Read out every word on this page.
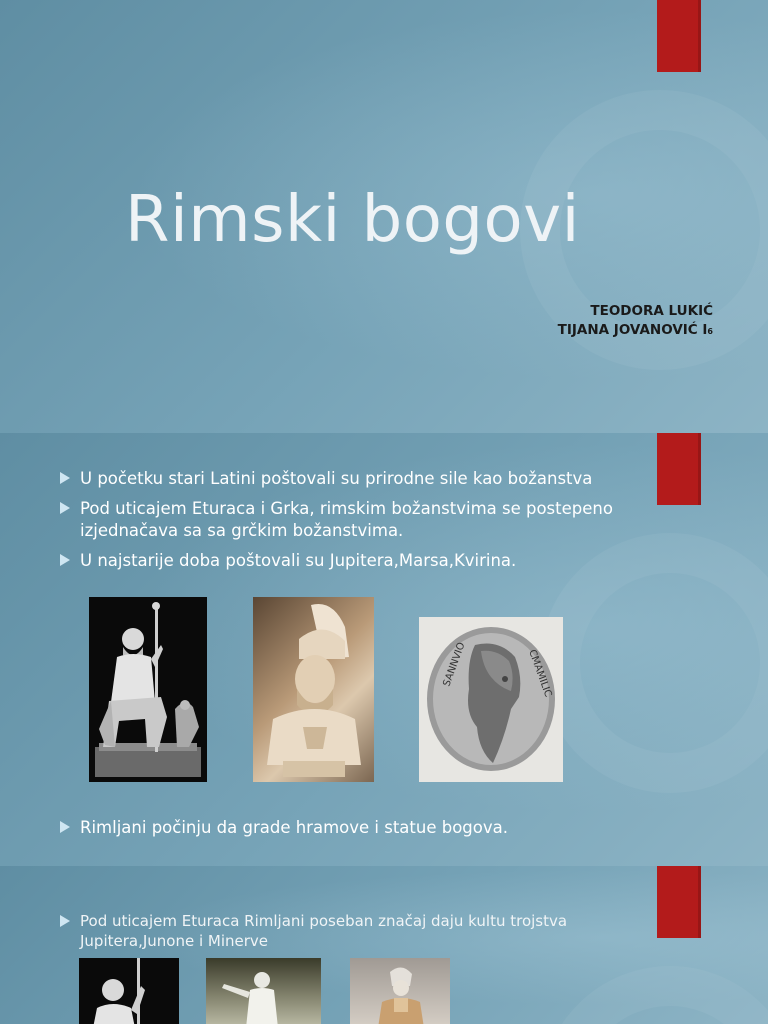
Rimski bogovi
TEODORA LUKIĆ
TIJANA JOVANOVIĆ I6
U početku stari Latini poštovali su prirodne sile kao božanstva
Pod uticajem Eturaca i Grka, rimskim božanstvima se postepeno izjednačava sa sa grčkim božanstvima.
U najstarije doba poštovali su Jupitera,Marsa,Kvirina.
SANNVIO	CMAMILIC
Rimljani počinju da grade hramove i statue bogova.
Pod uticajem Eturaca Rimljani poseban značaj daju kultu trojstva Jupitera,Junone i Minerve
